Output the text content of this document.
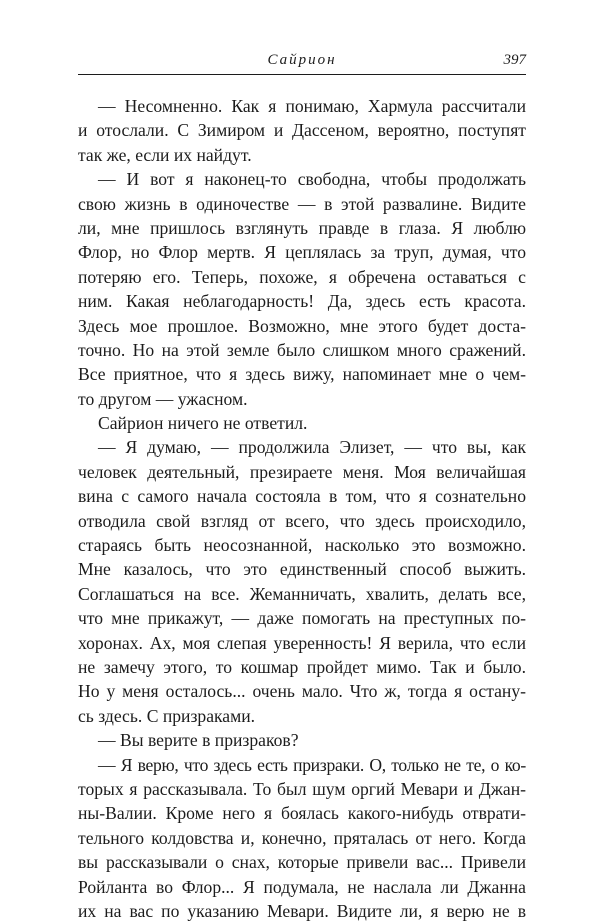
Сайрион	397
— Несомненно. Как я понимаю, Хармула рассчитали
и отослали. С Зимиром и Дассеном, вероятно, поступят
так же, если их найдут.
— И вот я наконец-то свободна, чтобы продолжать
свою жизнь в одиночестве — в этой развалине. Видите
ли, мне пришлось взглянуть правде в глаза. Я люблю
Флор, но Флор мертв. Я цеплялась за труп, думая, что
потеряю его. Теперь, похоже, я обречена оставаться с
ним. Какая неблагодарность! Да, здесь есть красота.
Здесь мое прошлое. Возможно, мне этого будет доста-
точно. Но на этой земле было слишком много сражений.
Все приятное, что я здесь вижу, напоминает мне о чем-
то другом — ужасном.
Сайрион ничего не ответил.
— Я думаю, — продолжила Элизет, — что вы, как
человек деятельный, презираете меня. Моя величайшая
вина с самого начала состояла в том, что я сознательно
отводила свой взгляд от всего, что здесь происходило,
стараясь быть неосознанной, насколько это возможно.
Мне казалось, что это единственный способ выжить.
Соглашаться на все. Жеманничать, хвалить, делать все,
что мне прикажут, — даже помогать на преступных по-
хоронах. Ах, моя слепая уверенность! Я верила, что если
не замечу этого, то кошмар пройдет мимо. Так и было.
Но у меня осталось... очень мало. Что ж, тогда я остану-
сь здесь. С призраками.
— Вы верите в призраков?
— Я верю, что здесь есть призраки. О, только не те, о ко-
торых я рассказывала. То был шум оргий Мевари и Джан-
ны-Валии. Кроме него я боялась какого-нибудь отврати-
тельного колдовства и, конечно, пряталась от него. Когда
вы рассказывали о снах, которые привели вас... Привели
Ройланта во Флор... Я подумала, не наслала ли Джанна
их на вас по указанию Мевари. Видите ли, я верю не в
